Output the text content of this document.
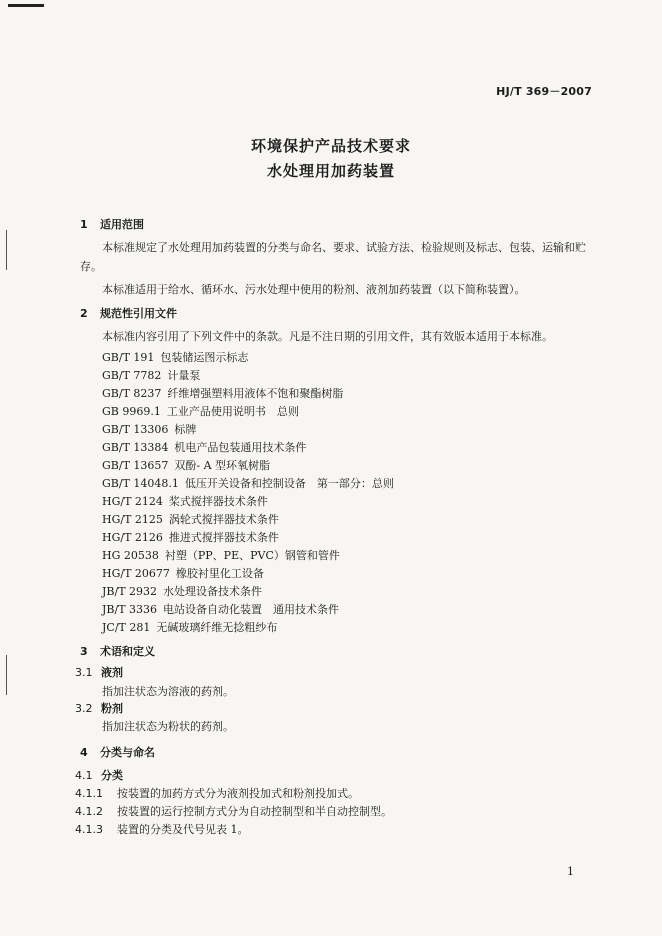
HJ/T 369－2007
环境保护产品技术要求
水处理用加药装置
1 适用范围
本标准规定了水处理用加药装置的分类与命名、要求、试验方法、检验规则及标志、包装、运输和贮存。
本标准适用于给水、循环水、污水处理中使用的粉剂、液剂加药装置（以下简称装置）。
2 规范性引用文件
本标准内容引用了下列文件中的条款。凡是不注日期的引用文件，其有效版本适用于本标准。
GB/T 191 包装储运图示标志
GB/T 7782 计量泵
GB/T 8237 纤维增强塑料用液体不饱和聚酯树脂
GB 9969.1 工业产品使用说明书　总则
GB/T 13306 标牌
GB/T 13384 机电产品包装通用技术条件
GB/T 13657 双酚- A 型环氧树脂
GB/T 14048.1 低压开关设备和控制设备　第一部分：总则
HG/T 2124 桨式搅拌器技术条件
HG/T 2125 涡轮式搅拌器技术条件
HG/T 2126 推进式搅拌器技术条件
HG 20538 衬塑（PP、PE、PVC）钢管和管件
HG/T 20677 橡胶衬里化工设备
JB/T 2932 水处理设备技术条件
JB/T 3336 电站设备自动化装置　通用技术条件
JC/T 281 无碱玻璃纤维无捻粗纱布
3 术语和定义
3.1 液剂
指加注状态为溶液的药剂。
3.2 粉剂
指加注状态为粉状的药剂。
4 分类与命名
4.1 分类
4.1.1 按装置的加药方式分为液剂投加式和粉剂投加式。
4.1.2 按装置的运行控制方式分为自动控制型和半自动控制型。
4.1.3 装置的分类及代号见表 1。
1
